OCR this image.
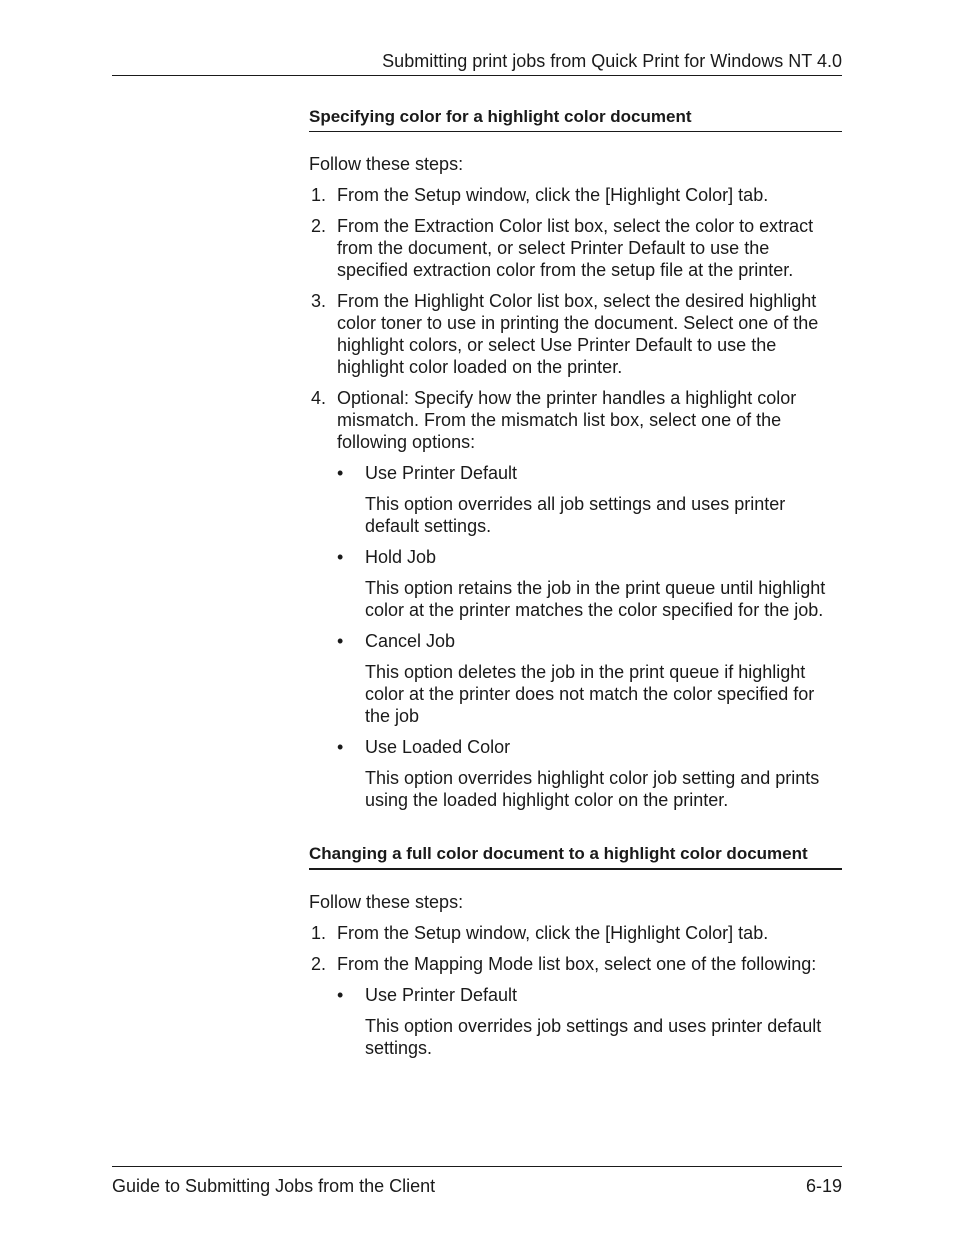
Submitting print jobs from Quick Print for Windows NT 4.0
Specifying color for a highlight color document
Follow these steps:
1. From the Setup window, click the [Highlight Color] tab.
2. From the Extraction Color list box, select the color to extract from the document, or select Printer Default to use the specified extraction color from the setup file at the printer.
3. From the Highlight Color list box, select the desired highlight color toner to use in printing the document. Select one of the highlight colors, or select Use Printer Default to use the highlight color loaded on the printer.
4. Optional: Specify how the printer handles a highlight color mismatch. From the mismatch list box, select one of the following options:
• Use Printer Default
This option overrides all job settings and uses printer default settings.
• Hold Job
This option retains the job in the print queue until highlight color at the printer matches the color specified for the job.
• Cancel Job
This option deletes the job in the print queue if highlight color at the printer does not match the color specified for the job
• Use Loaded Color
This option overrides highlight color job setting and prints using the loaded highlight color on the printer.
Changing a full color document to a highlight color document
Follow these steps:
1. From the Setup window, click the [Highlight Color] tab.
2. From the Mapping Mode list box, select one of the following:
• Use Printer Default
This option overrides job settings and uses printer default settings.
Guide to Submitting Jobs from the Client	6-19
